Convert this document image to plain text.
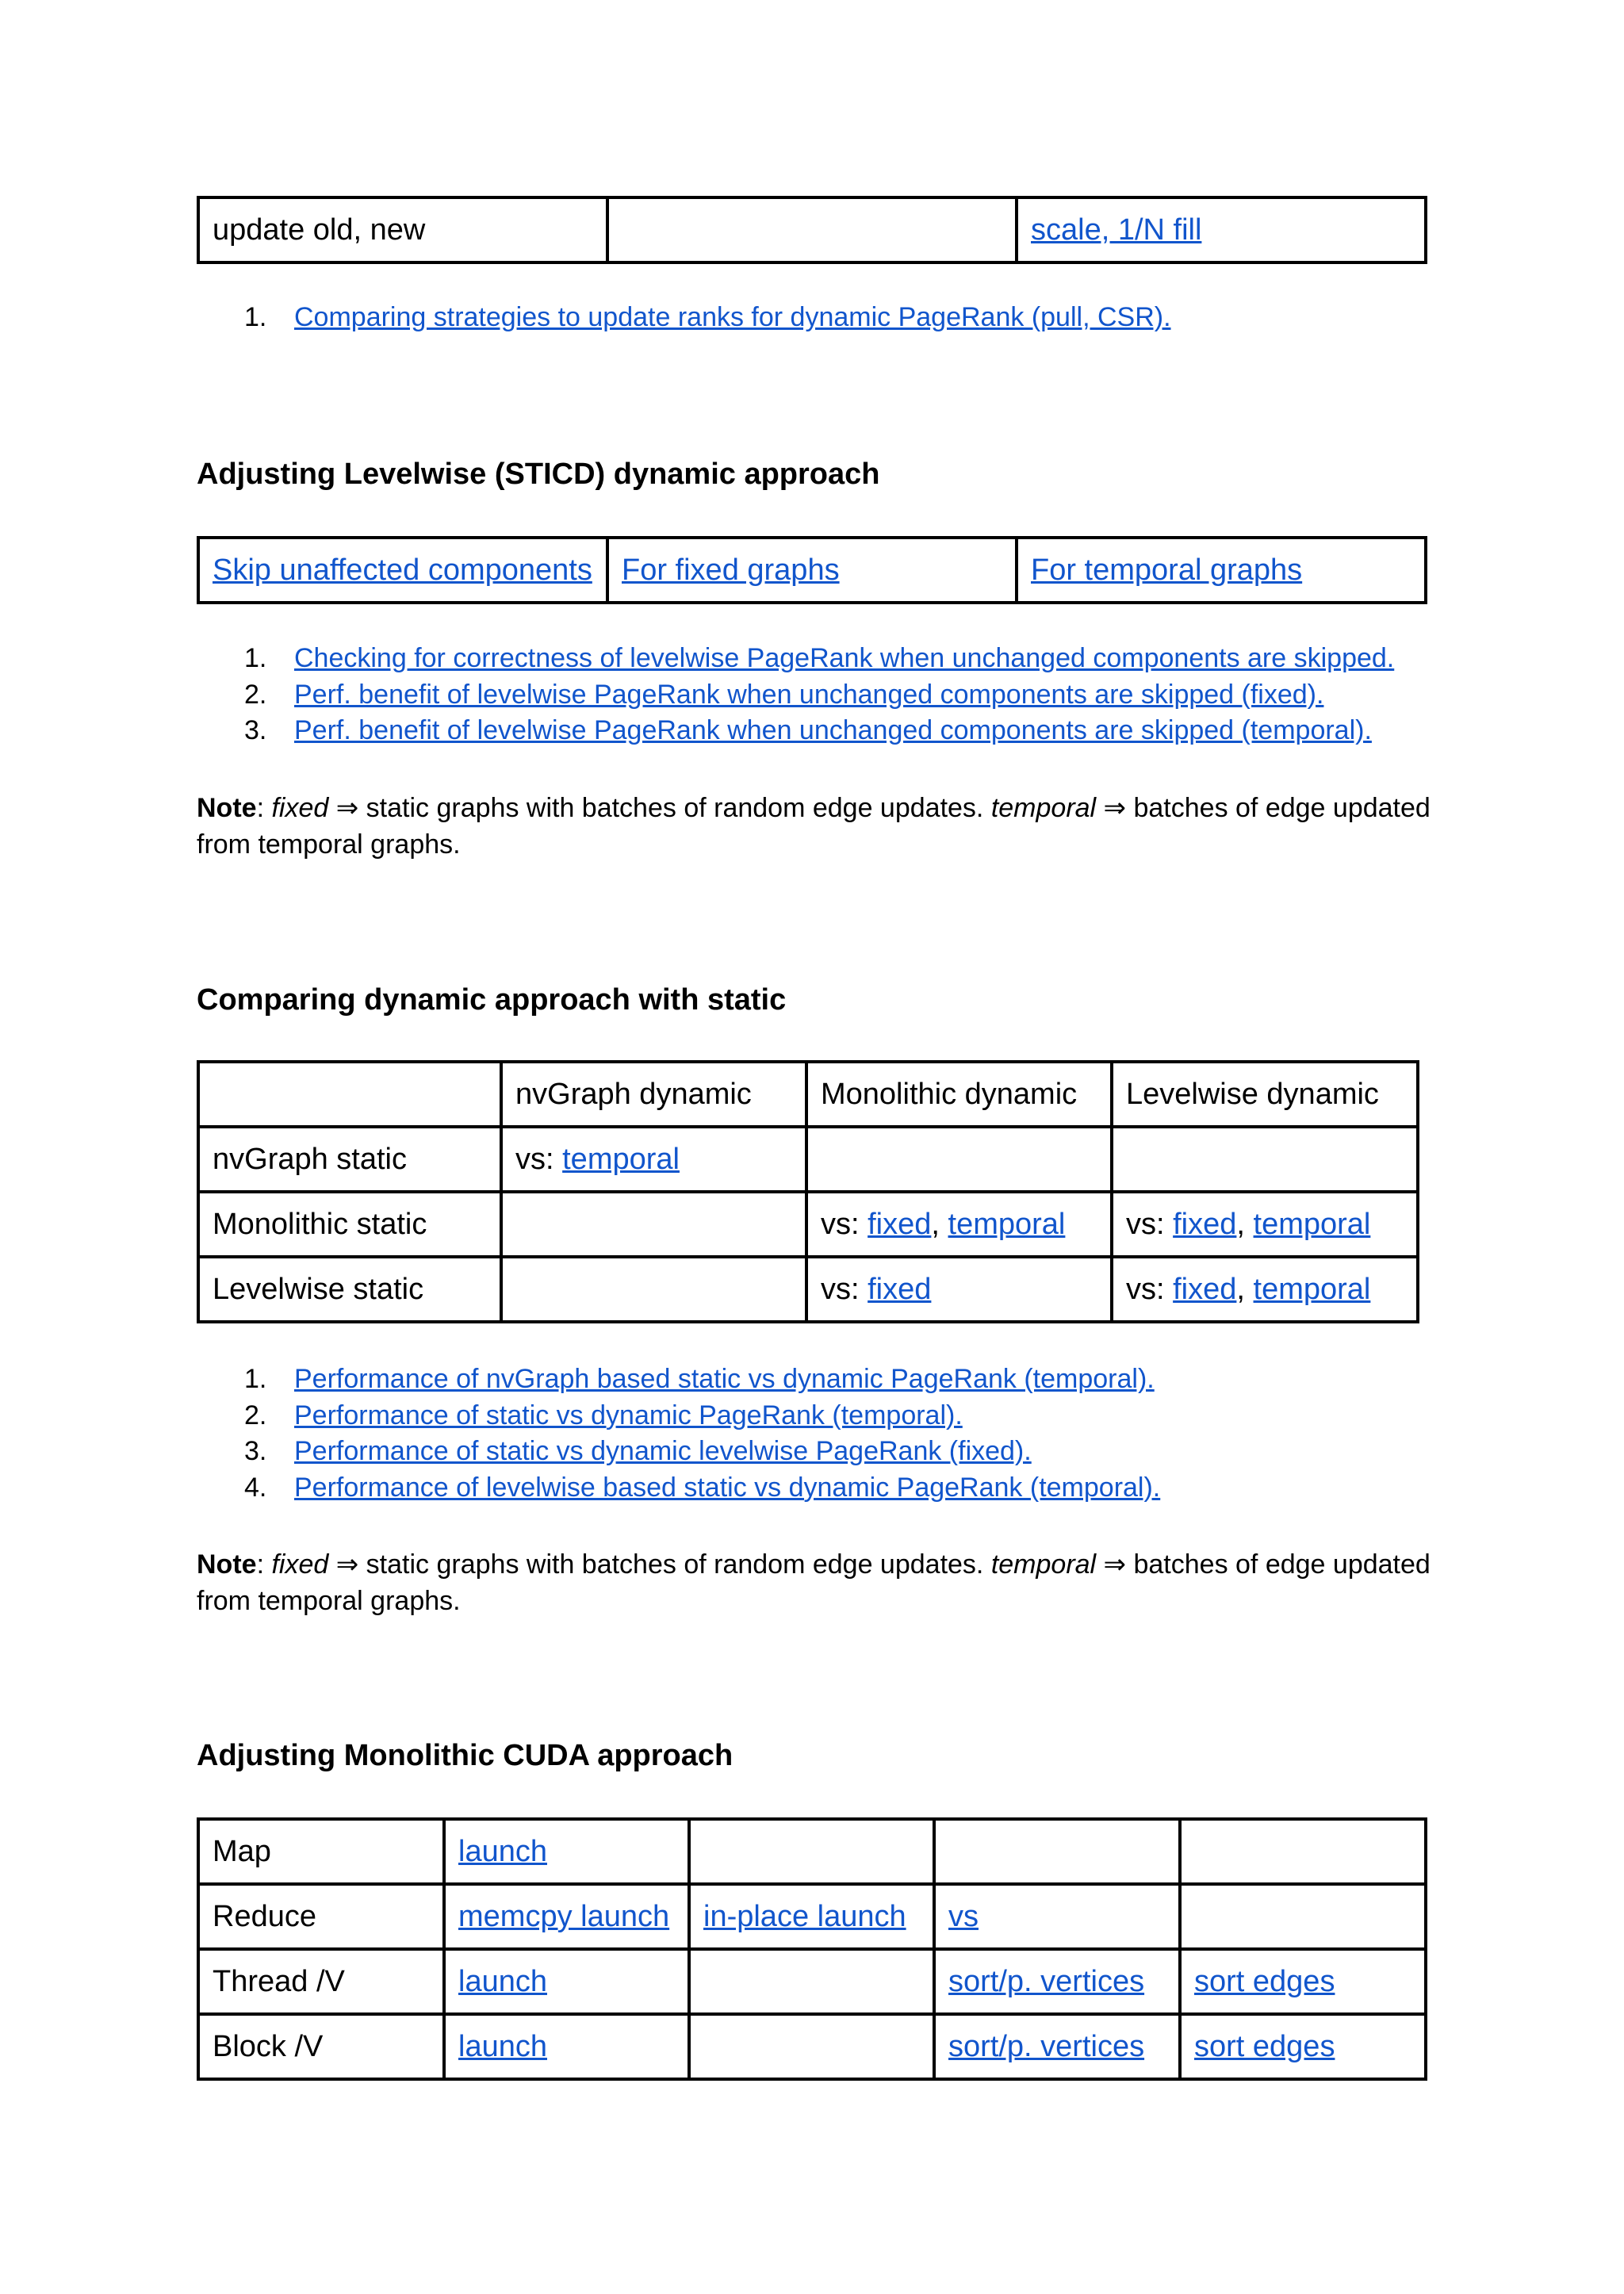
update old, new		scale, 1/N fill
1. Comparing strategies to update ranks for dynamic PageRank (pull, CSR).
Adjusting Levelwise (STICD) dynamic approach
Skip unaffected components	For fixed graphs	For temporal graphs
1. Checking for correctness of levelwise PageRank when unchanged components are skipped.
2. Perf. benefit of levelwise PageRank when unchanged components are skipped (fixed).
3. Perf. benefit of levelwise PageRank when unchanged components are skipped (temporal).

Note: fixed ⇒ static graphs with batches of random edge updates. temporal ⇒ batches of edge updated from temporal graphs.

Comparing dynamic approach with static
	nvGraph dynamic	Monolithic dynamic	Levelwise dynamic
nvGraph static	vs: temporal		
Monolithic static		vs: fixed, temporal	vs: fixed, temporal
Levelwise static		vs: fixed	vs: fixed, temporal
1. Performance of nvGraph based static vs dynamic PageRank (temporal).
2. Performance of static vs dynamic PageRank (temporal).
3. Performance of static vs dynamic levelwise PageRank (fixed).
4. Performance of levelwise based static vs dynamic PageRank (temporal).

Note: fixed ⇒ static graphs with batches of random edge updates. temporal ⇒ batches of edge updated from temporal graphs.

Adjusting Monolithic CUDA approach
Map	launch			
Reduce	memcpy launch	in-place launch	vs	
Thread /V	launch		sort/p. vertices	sort edges
Block /V	launch		sort/p. vertices	sort edges
